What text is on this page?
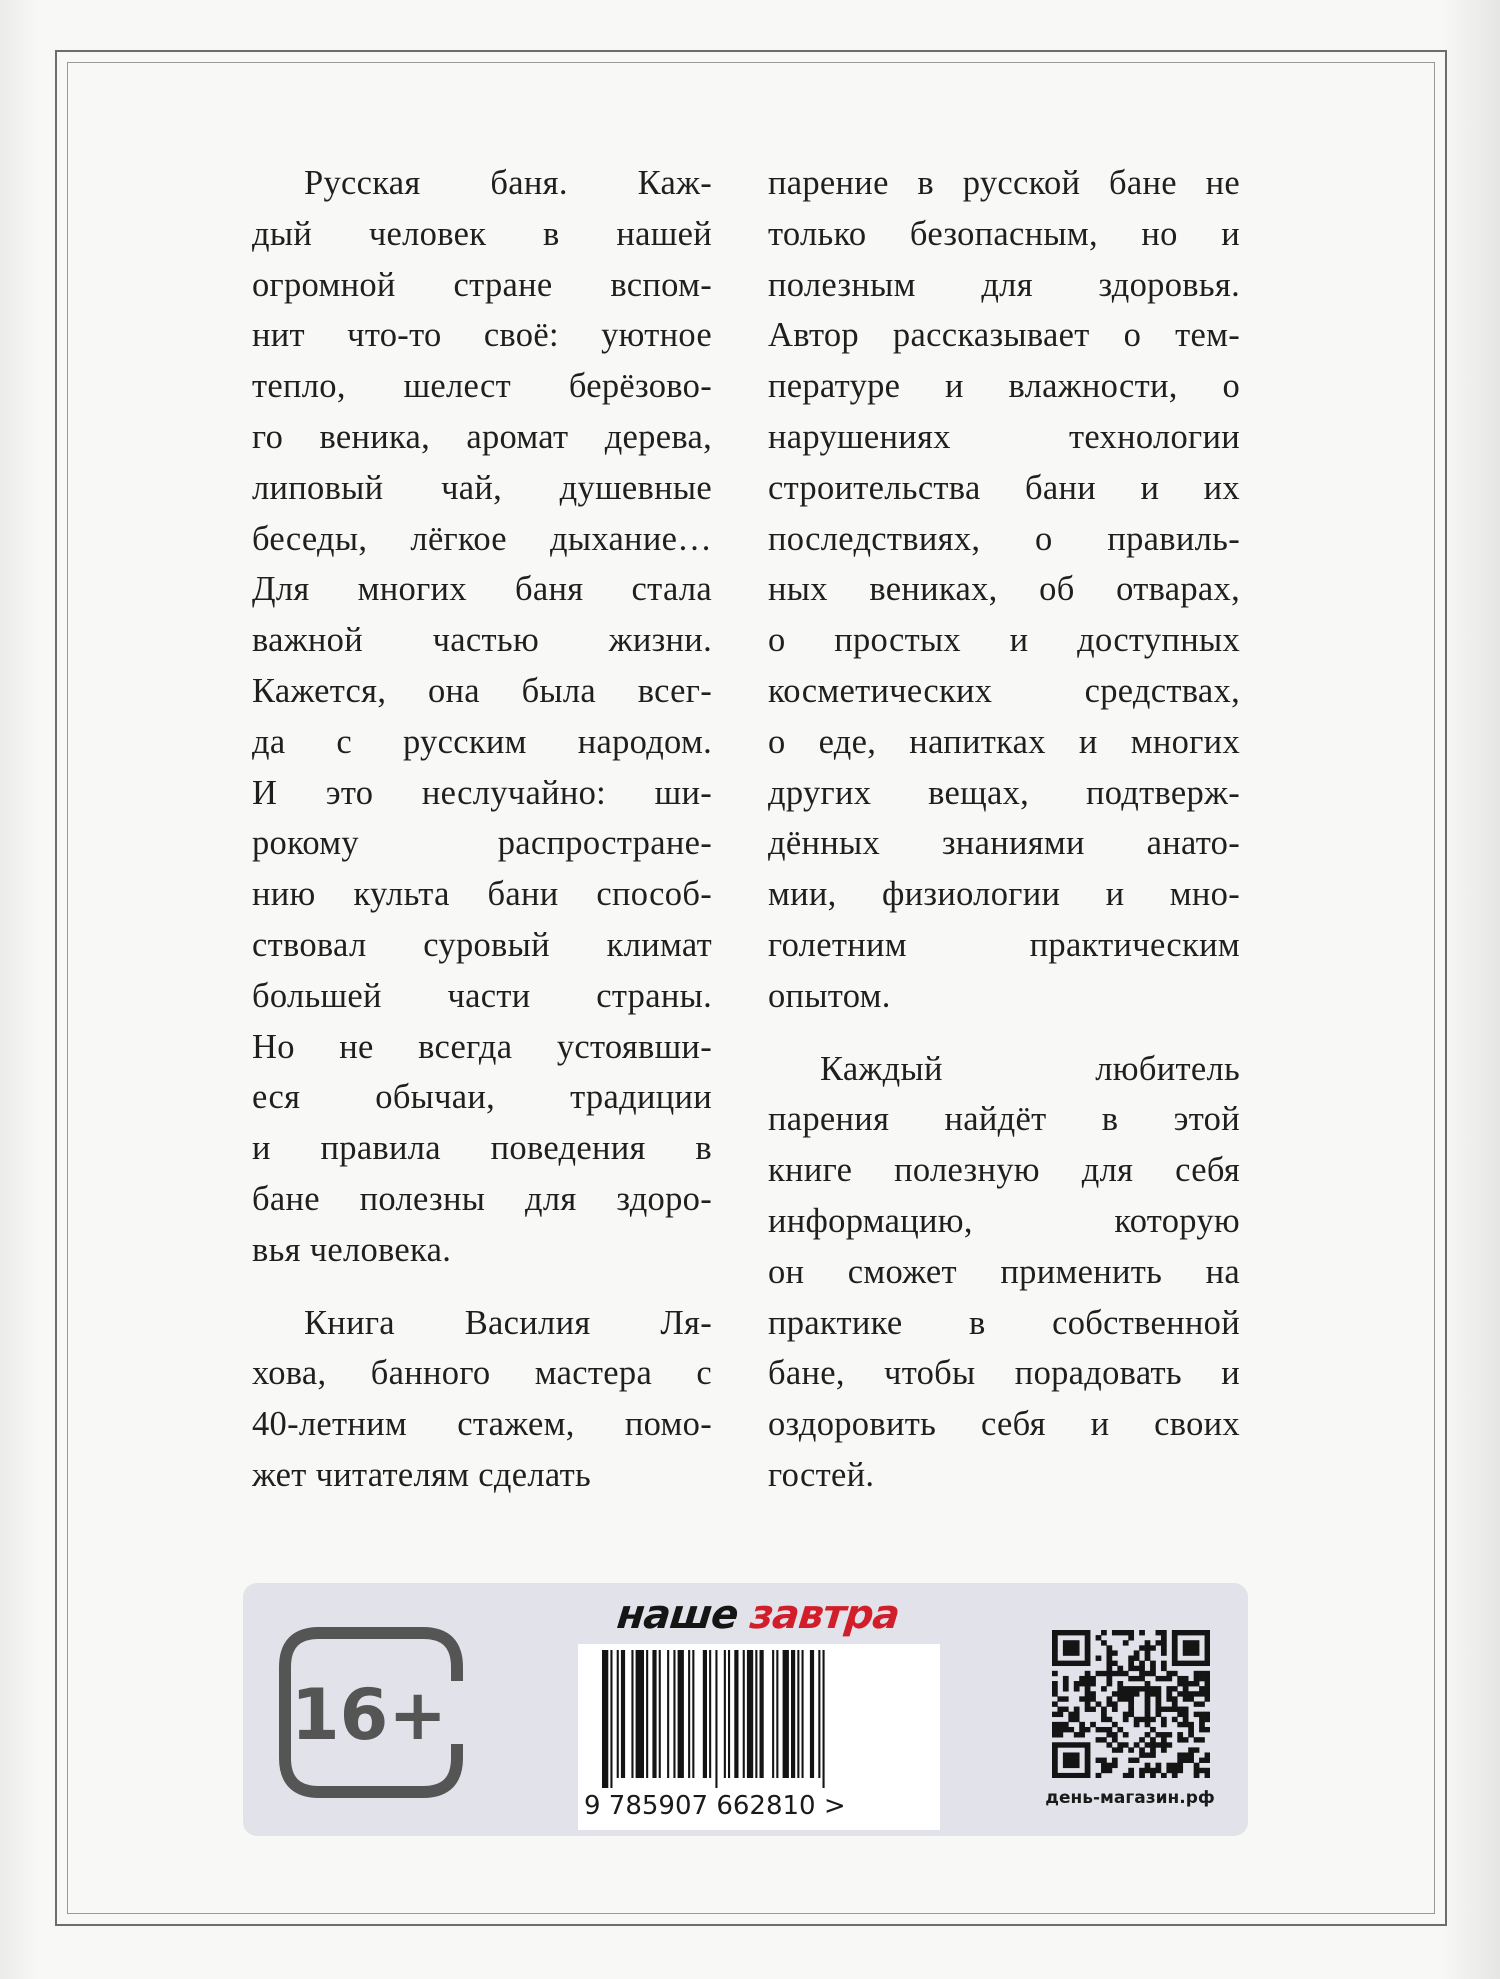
Русская баня. Каж-
дый человек в нашей
огромной стране вспом-
нит что-то своё: уютное
тепло, шелест берёзово-
го веника, аромат дерева,
липовый чай, душевные
беседы, лёгкое дыхание…
Для многих баня стала
важной частью жизни.
Кажется, она была всег-
да с русским народом.
И это неслучайно: ши-
рокому распространe-
нию культа бани способ-
ствовал суровый климат
большей части страны.
Но не всегда устоявши-
еся обычаи, традиции
и правила поведения в
бане полезны для здоро-
вья человека.
Книга Василия Ля-
хова, банного мастера с
40-летним стажем, помо-
жет читателям сделать
парение в русской бане не
только безопасным, но и
полезным для здоровья.
Автор рассказывает о тем-
пературе и влажности, о
нарушениях технологии
строительства бани и их
последствиях, о правиль-
ных вениках, об отварах,
о простых и доступных
косметических средствах,
о еде, напитках и многих
других вещах, подтверж-
дённых знаниями анато-
мии, физиологии и мно-
голетним практическим
опытом.
Каждый любитель
парения найдёт в этой
книге полезную для себя
информацию, которую
он сможет применить на
практике в собственной
бане, чтобы порадовать и
оздоровить себя и своих
гостей.
16+
наше завтра
9 785907 662810 >	день-магазин.рф
